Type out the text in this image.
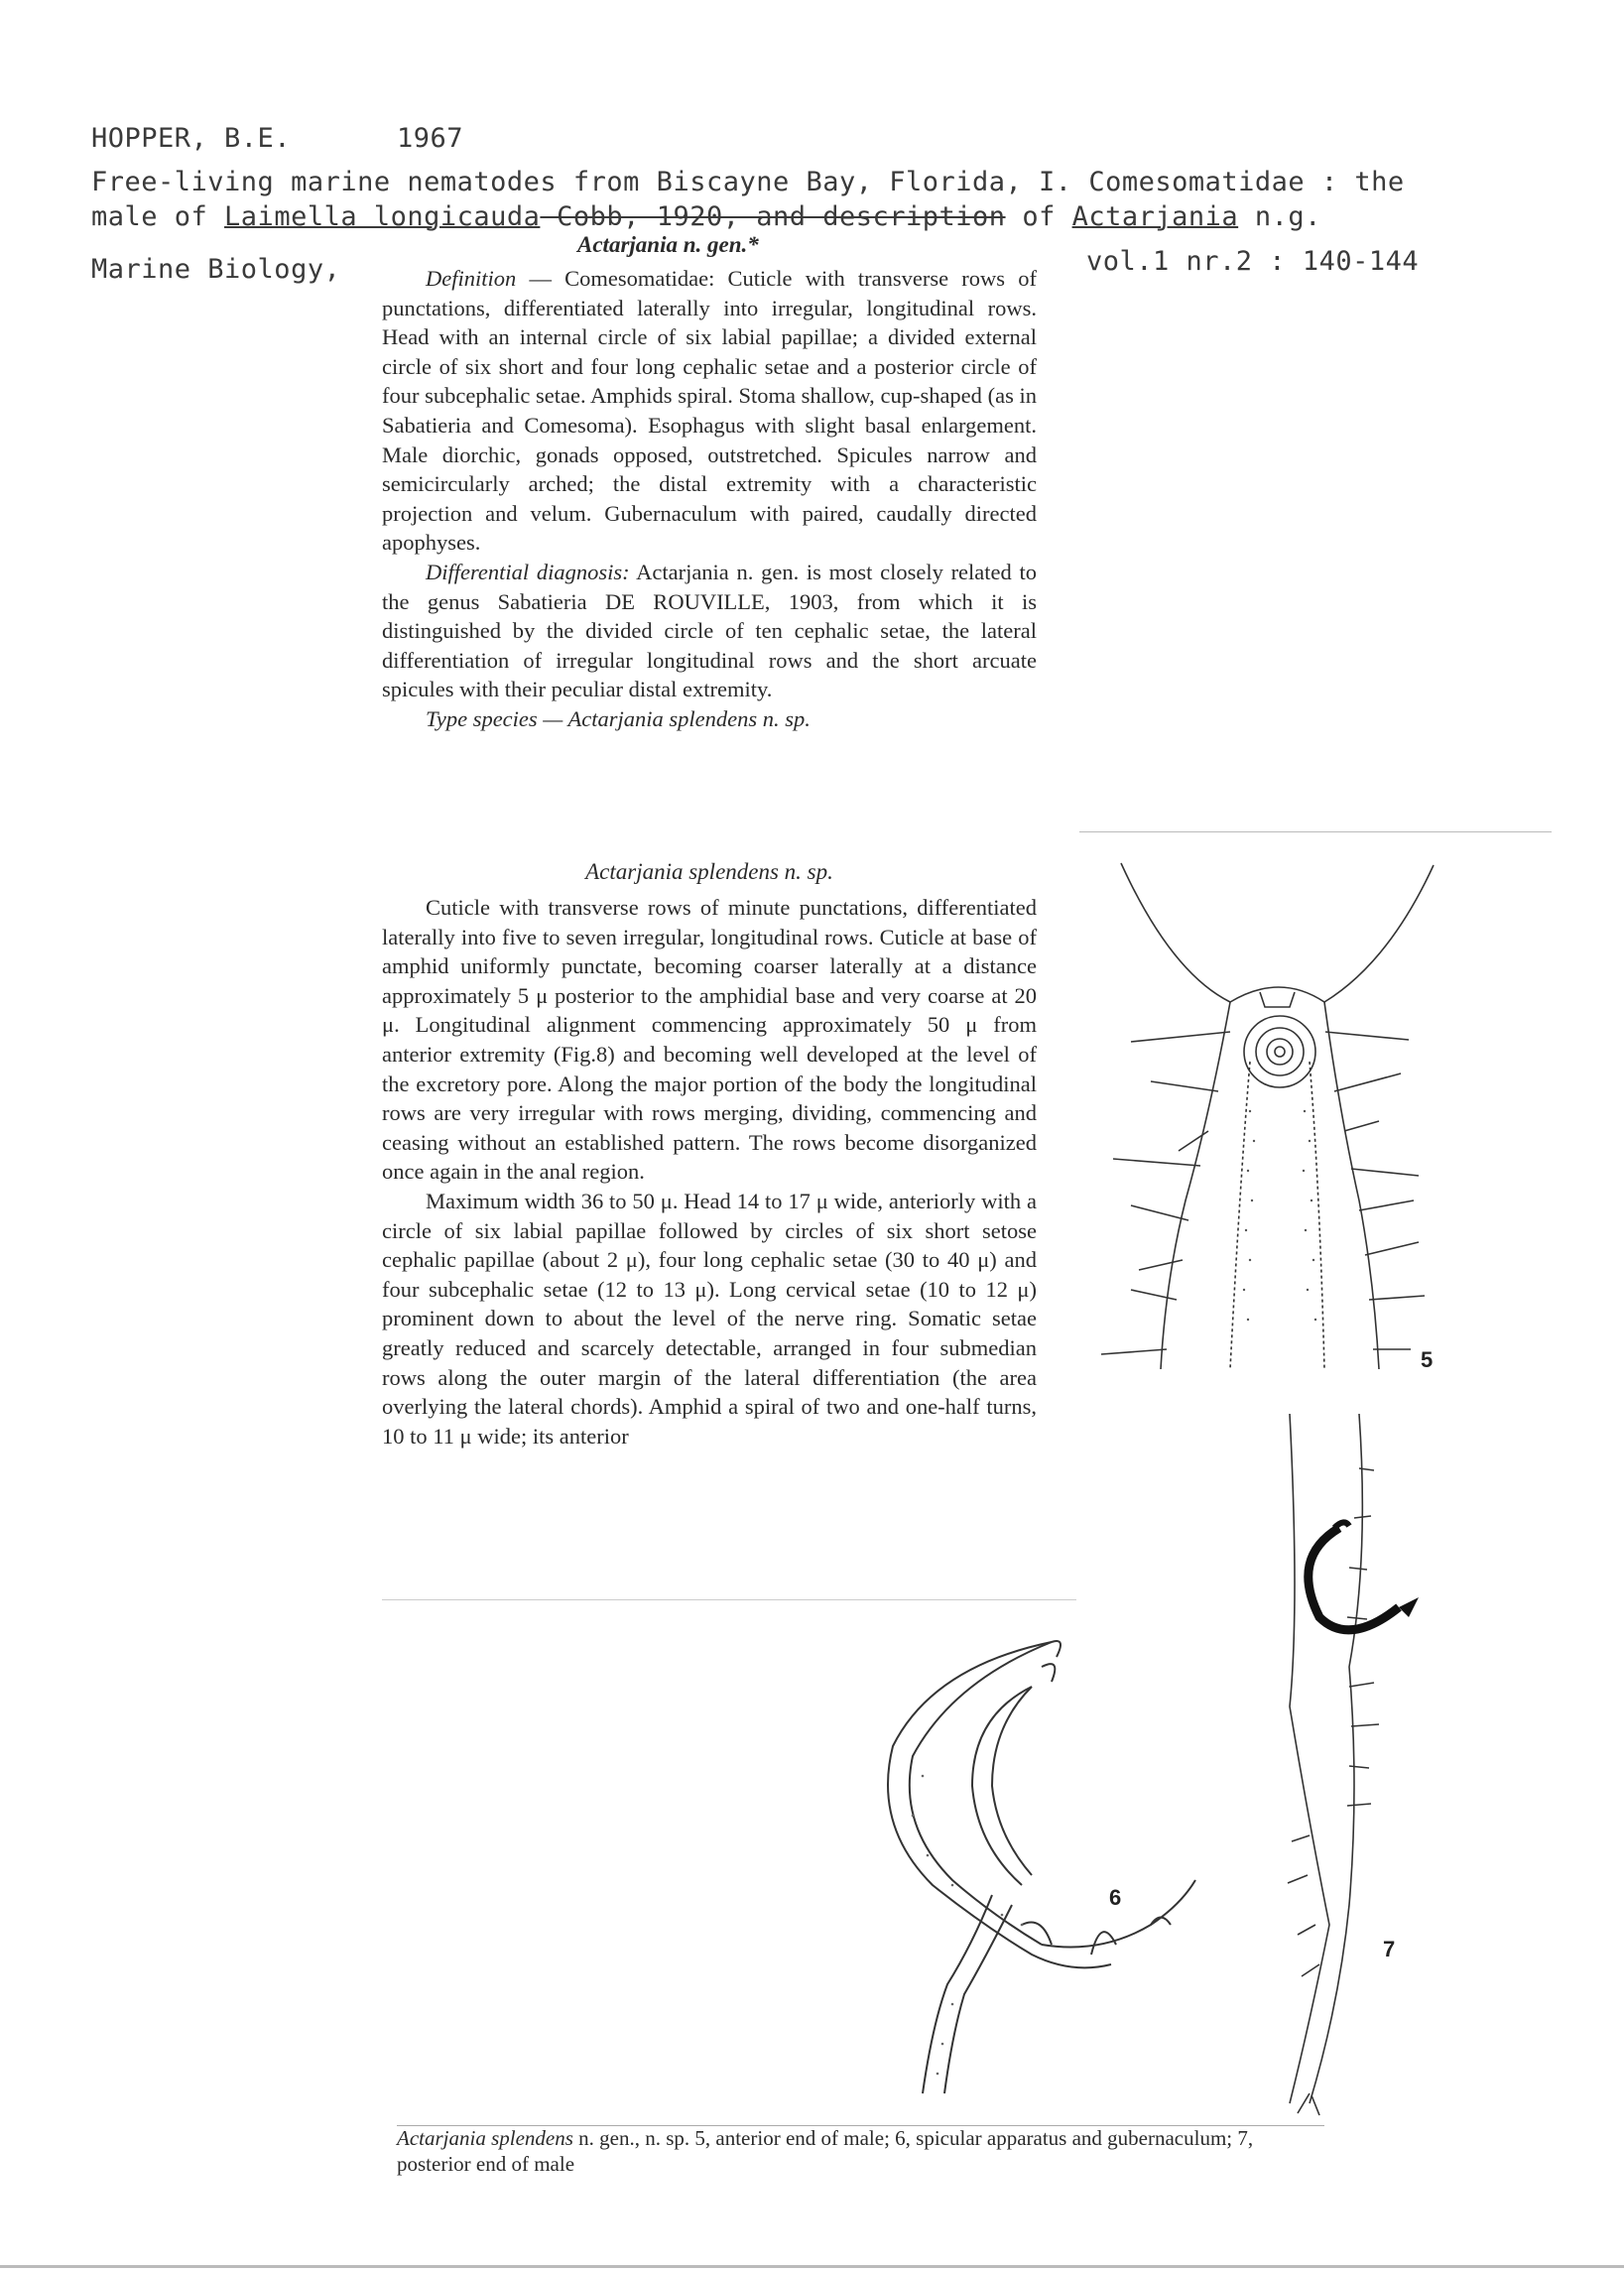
HOPPER, B.E.	1967
Free-living marine nematodes from Biscayne Bay, Florida, I. Comesomatidae : the
male of Laimella longicauda Cobb, 1920, and description of Actarjania n.g.
Marine Biology,	vol.1 nr.2 : 140-144
Actarjania n. gen.*

Definition — Comesomatidae: Cuticle with transverse rows of punctations, differentiated laterally into irregular, longitudinal rows. Head with an internal circle of six labial papillae; a divided external circle of six short and four long cephalic setae and a posterior circle of four subcephalic setae. Amphids spiral. Stoma shallow, cup-shaped (as in Sabatieria and Comesoma). Esophagus with slight basal enlargement. Male diorchic, gonads opposed, outstretched. Spicules narrow and semicircularly arched; the distal extremity with a characteristic projection and velum. Gubernaculum with paired, caudally directed apophyses.

Differential diagnosis: Actarjania n. gen. is most closely related to the genus Sabatieria DE ROUVILLE, 1903, from which it is distinguished by the divided circle of ten cephalic setae, the lateral differentiation of irregular longitudinal rows and the short arcuate spicules with their peculiar distal extremity.

Type species — Actarjania splendens n. sp.

Actarjania splendens n. sp.

Cuticle with transverse rows of minute punctations, differentiated laterally into five to seven irregular, longitudinal rows. Cuticle at base of amphid uniformly punctate, becoming coarser laterally at a distance approximately 5 μ posterior to the amphidial base and very coarse at 20 μ. Longitudinal alignment commencing approximately 50 μ from anterior extremity (Fig.8) and becoming well developed at the level of the excretory pore. Along the major portion of the body the longitudinal rows are very irregular with rows merging, dividing, commencing and ceasing without an established pattern. The rows become disorganized once again in the anal region.

Maximum width 36 to 50 μ. Head 14 to 17 μ wide, anteriorly with a circle of six labial papillae followed by circles of six short setose cephalic papillae (about 2 μ), four long cephalic setae (30 to 40 μ) and four subcephalic setae (12 to 13 μ). Long cervical setae (10 to 12 μ) prominent down to about the level of the nerve ring. Somatic setae greatly reduced and scarcely detectable, arranged in four submedian rows along the outer margin of the lateral differentiation (the area overlying the lateral chords). Amphid a spiral of two and one-half turns, 10 to 11 μ wide; its anterior

5
7
6
Actarjania splendens n. gen., n. sp. 5, anterior end of male; 6, spicular apparatus and gubernaculum; 7, posterior end of male
